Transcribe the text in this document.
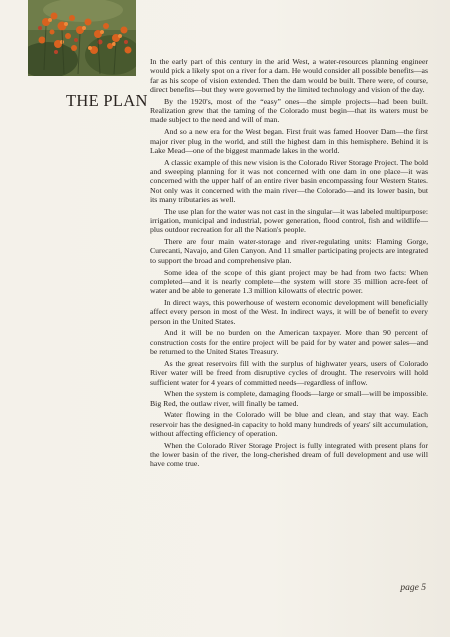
THE PLAN

In the early part of this century in the arid West, a water-resources planning engineer would pick a likely spot on a river for a dam. He would consider all possible benefits—as far as his scope of vision extended. Then the dam would be built. There were, of course, direct benefits—but they were governed by the limited technology and vision of the day.

By the 1920's, most of the “easy” ones—the simple projects—had been built. Realization grew that the taming of the Colorado must begin—that its waters must be made subject to the need and will of man.

And so a new era for the West began. First fruit was famed Hoover Dam—the first major river plug in the world, and still the highest dam in this hemisphere. Behind it is Lake Mead—one of the biggest manmade lakes in the world.

A classic example of this new vision is the Colorado River Storage Project. The bold and sweeping planning for it was not concerned with one dam in one place—it was concerned with the upper half of an entire river basin encompassing four Western States. Not only was it concerned with the main river—the Colorado—and its lower basin, but its many tributaries as well.

The use plan for the water was not cast in the singular—it was labeled multipurpose: irrigation, municipal and industrial, power generation, flood control, fish and wildlife—plus outdoor recreation for all the Nation's people.

There are four main water-storage and river-regulating units: Flaming Gorge, Curecanti, Navajo, and Glen Canyon. And 11 smaller participating projects are integrated to support the broad and comprehensive plan.

Some idea of the scope of this giant project may be had from two facts: When completed—and it is nearly complete—the system will store 35 million acre-feet of water and be able to generate 1.3 million kilowatts of electric power.

In direct ways, this powerhouse of western economic development will beneficially affect every person in most of the West. In indirect ways, it will be of benefit to every person in the United States.

And it will be no burden on the American taxpayer. More than 90 percent of construction costs for the entire project will be paid for by water and power sales—and be returned to the United States Treasury.

As the great reservoirs fill with the surplus of highwater years, users of Colorado River water will be freed from disruptive cycles of drought. The reservoirs will hold sufficient water for 4 years of committed needs—regardless of inflow.

When the system is complete, damaging floods—large or small—will be impossible. Big Red, the outlaw river, will finally be tamed.

Water flowing in the Colorado will be blue and clean, and stay that way. Each reservoir has the designed-in capacity to hold many hundreds of years' silt accumulation, without affecting efficiency of operation.

When the Colorado River Storage Project is fully integrated with present plans for the lower basin of the river, the long-cherished dream of full development and use will have come true.

page 5
